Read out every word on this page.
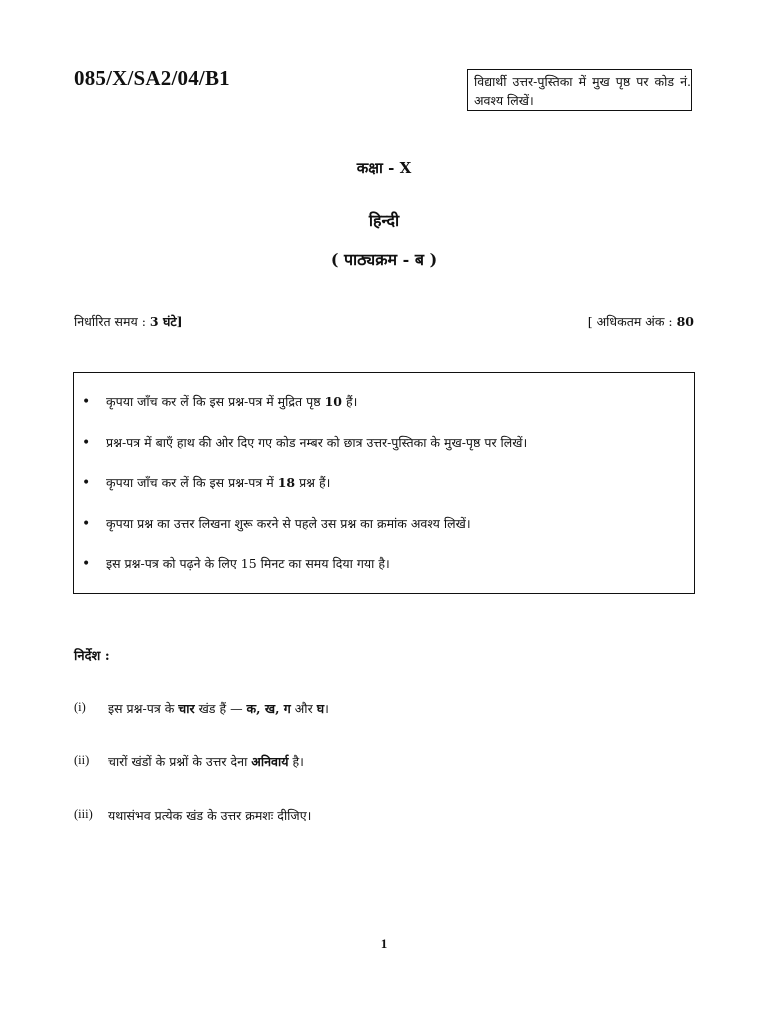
085/X/SA2/04/B1	विद्यार्थी उत्तर-पुस्तिका में मुख पृष्ठ पर कोड नं. अवश्य लिखें।
कक्षा - X
हिन्दी
( पाठ्यक्रम - ब )
निर्धारित समय : 3 घंटे]	[ अधिकतम अंक : 80
•	कृपया जाँच कर लें कि इस प्रश्न-पत्र में मुद्रित पृष्ठ 10 हैं।
•	प्रश्न-पत्र में बाएँ हाथ की ओर दिए गए कोड नम्बर को छात्र उत्तर-पुस्तिका के मुख-पृष्ठ पर लिखें।
•	कृपया जाँच कर लें कि इस प्रश्न-पत्र में 18 प्रश्न हैं।
•	कृपया प्रश्न का उत्तर लिखना शुरू करने से पहले उस प्रश्न का क्रमांक अवश्य लिखें।
•	इस प्रश्न-पत्र को पढ़ने के लिए 15 मिनट का समय दिया गया है।
निर्देश :
(i)	इस प्रश्न-पत्र के चार खंड हैं — क, ख, ग और घ।
(ii)	चारों खंडों के प्रश्नों के उत्तर देना अनिवार्य है।
(iii)	यथासंभव प्रत्येक खंड के उत्तर क्रमशः दीजिए।
1
